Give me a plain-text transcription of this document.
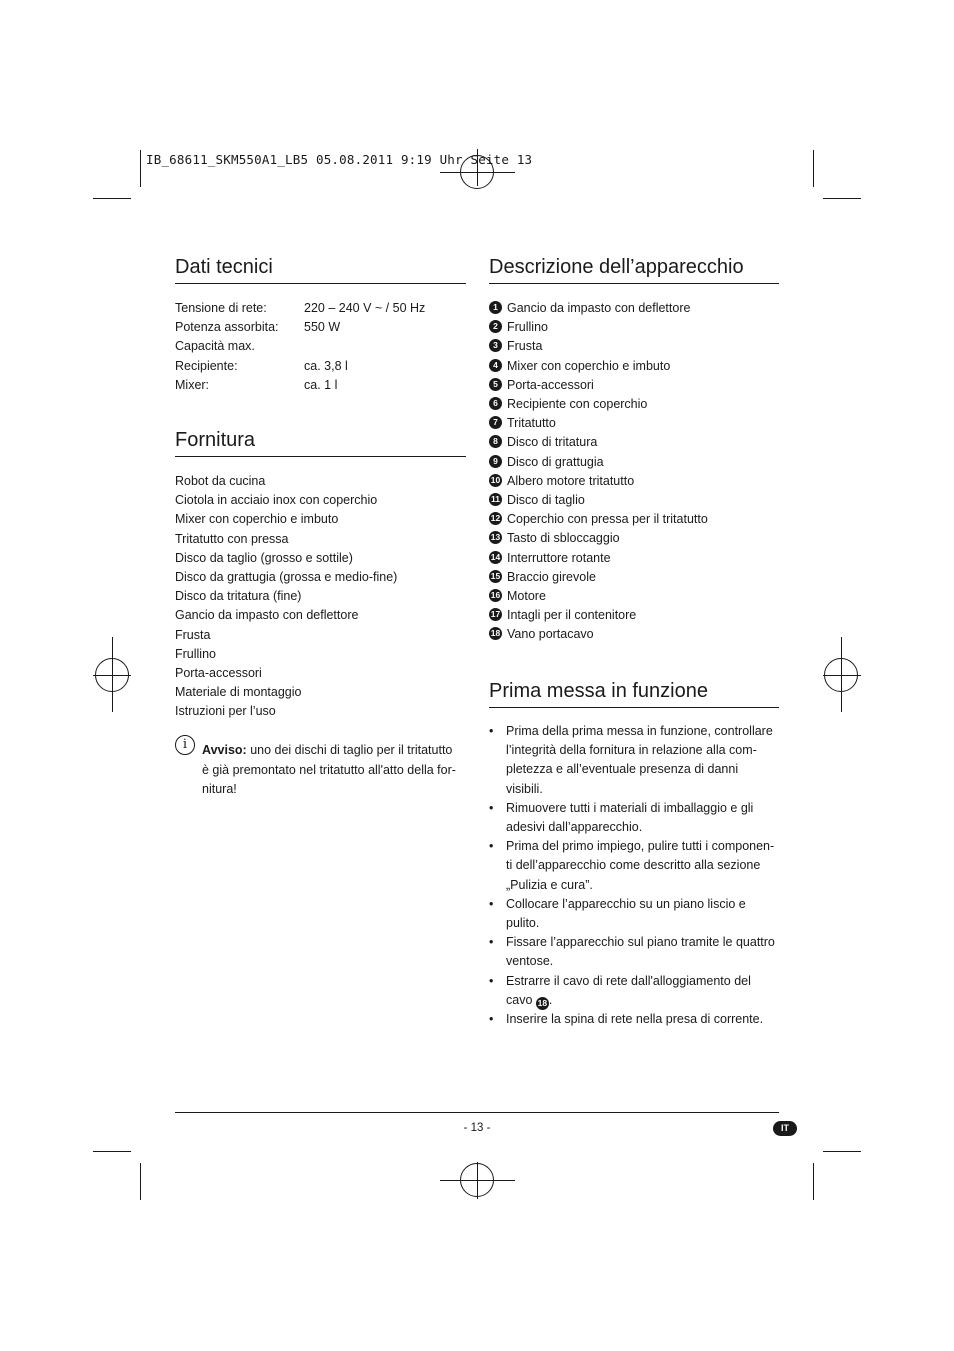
IB_68611_SKM550A1_LB5 05.08.2011 9:19 Uhr Seite 13
Dati tecnici
Tensione di rete:	220 – 240 V ~ / 50 Hz
Potenza assorbita: 550 W
Capacità max.
Recipiente:	ca. 3,8 l
Mixer:	ca. 1 l
Fornitura
Robot da cucina
Ciotola in acciaio inox con coperchio
Mixer con coperchio e imbuto
Tritatutto con pressa
Disco da taglio (grosso e sottile)
Disco da grattugia (grossa e medio-fine)
Disco da tritatura (fine)
Gancio da impasto con deflettore
Frusta
Frullino
Porta-accessori
Materiale di montaggio
Istruzioni per l’uso
i	Avviso: uno dei dischi di taglio per il tritatutto
è già premontato nel tritatutto all'atto della for-
nitura!
Descrizione dell’apparecchio
1 Gancio da impasto con deflettore
2 Frullino
3 Frusta
4 Mixer con coperchio e imbuto
5 Porta-accessori
6 Recipiente con coperchio
7 Tritatutto
8 Disco di tritatura
9 Disco di grattugia
10 Albero motore tritatutto
11 Disco di taglio
12 Coperchio con pressa per il tritatutto
13 Tasto di sbloccaggio
14 Interruttore rotante
15 Braccio girevole
16 Motore
17 Intagli per il contenitore
18 Vano portacavo
Prima messa in funzione
• Prima della prima messa in funzione, controllare
l’integrità della fornitura in relazione alla com-
pletezza e all’eventuale presenza di danni
visibili.
• Rimuovere tutti i materiali di imballaggio e gli
adesivi dall’apparecchio.
• Prima del primo impiego, pulire tutti i componen-
ti dell’apparecchio come descritto alla sezione
„Pulizia e cura”.
• Collocare l’apparecchio su un piano liscio e
pulito.
• Fissare l’apparecchio sul piano tramite le quattro
ventose.
• Estrarre il cavo di rete dall'alloggiamento del
cavo 18 .
• Inserire la spina di rete nella presa di corrente.
- 13 -	IT
